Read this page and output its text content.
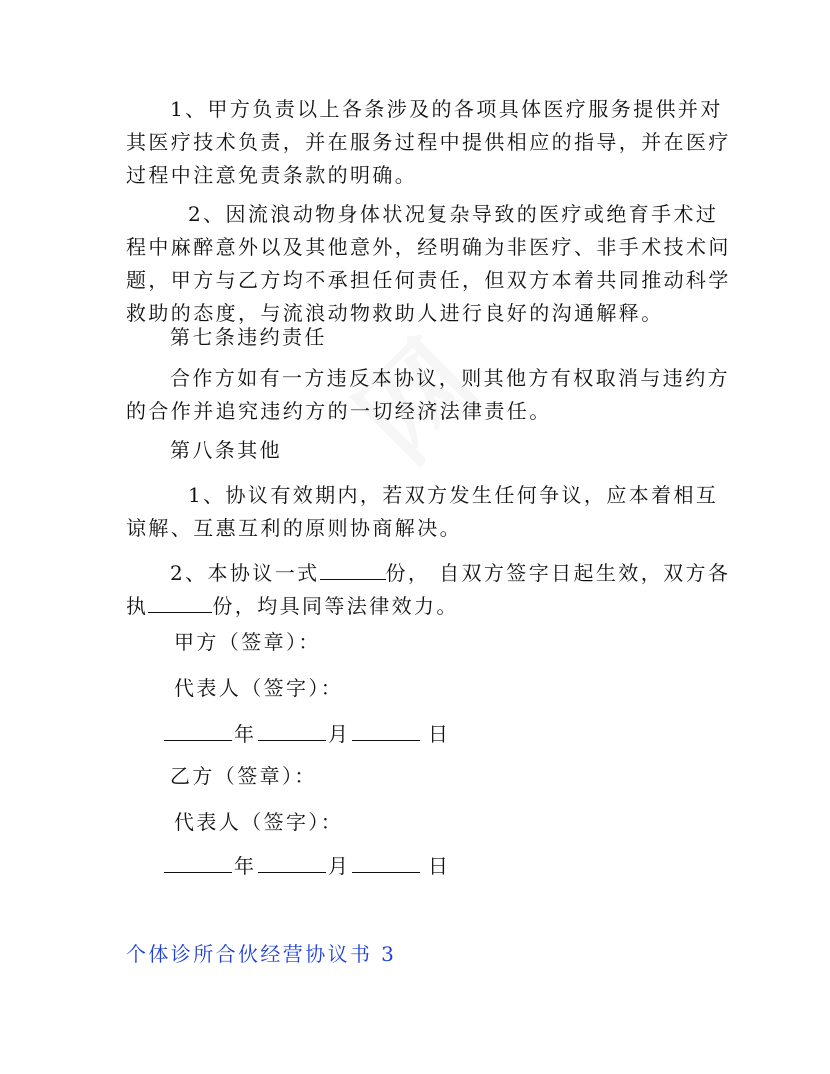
1、甲方负责以上各条涉及的各项具体医疗服务提供并对
其医疗技术负责，并在服务过程中提供相应的指导，并在医疗
过程中注意免责条款的明确。
2、因流浪动物身体状况复杂导致的医疗或绝育手术过
程中麻醉意外以及其他意外，经明确为非医疗、非手术技术问
题，甲方与乙方均不承担任何责任，但双方本着共同推动科学
救助的态度，与流浪动物救助人进行良好的沟通解释。
第七条违约责任
合作方如有一方违反本协议，则其他方有权取消与违约方
的合作并追究违约方的一切经济法律责任。
第八条其他
1、协议有效期内，若双方发生任何争议，应本着相互
谅解、互惠互利的原则协商解决。
2、本协议一式	份， 自双方签字日起生效，双方各
执	份，均具同等法律效力。
甲方（签章）：
代表人（签字）：
年	月	日
乙方（签章）：
代表人（签字）：
年	月	日
个体诊所合伙经营协议书 3
